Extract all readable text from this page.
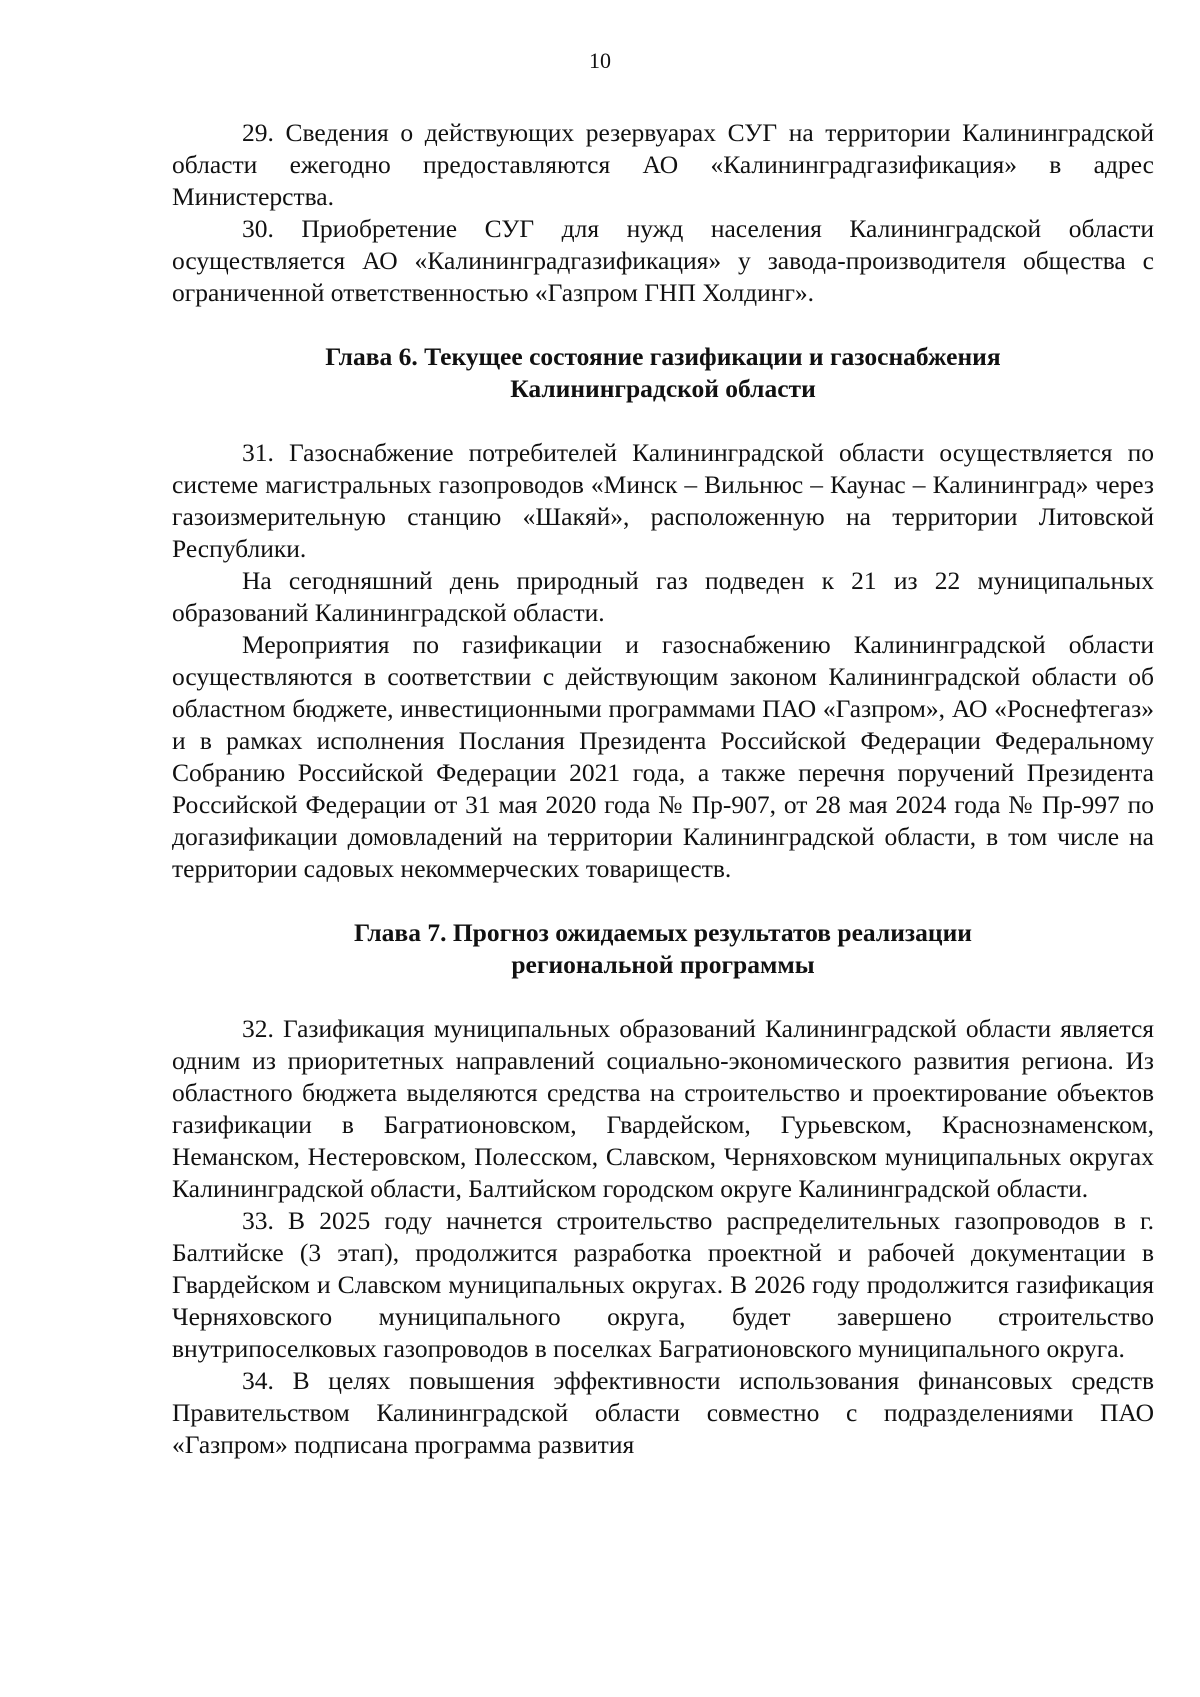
10

29. Сведения о действующих резервуарах СУГ на территории Калининградской области ежегодно предоставляются АО «Калининградгазификация» в адрес Министерства.

30. Приобретение СУГ для нужд населения Калининградской области осуществляется АО «Калининградгазификация» у завода-производителя общества с ограниченной ответственностью «Газпром ГНП Холдинг».

Глава 6. Текущее состояние газификации и газоснабжения
Калининградской области

31. Газоснабжение потребителей Калининградской области осуществляется по системе магистральных газопроводов «Минск – Вильнюс – Каунас – Калининград» через газоизмерительную станцию «Шакяй», расположенную на территории Литовской Республики.

На сегодняшний день природный газ подведен к 21 из 22 муниципальных образований Калининградской области.

Мероприятия по газификации и газоснабжению Калининградской области осуществляются в соответствии с действующим законом Калининградской области об областном бюджете, инвестиционными программами ПАО «Газпром», АО «Роснефтегаз» и в рамках исполнения Послания Президента Российской Федерации Федеральному Собранию Российской Федерации 2021 года, а также перечня поручений Президента Российской Федерации от 31 мая 2020 года № Пр-907, от 28 мая 2024 года № Пр-997 по догазификации домовладений на территории Калининградской области, в том числе на территории садовых некоммерческих товариществ.

Глава 7. Прогноз ожидаемых результатов реализации
региональной программы

32. Газификация муниципальных образований Калининградской области является одним из приоритетных направлений социально-экономического развития региона. Из областного бюджета выделяются средства на строительство и проектирование объектов газификации в Багратионовском, Гвардейском, Гурьевском, Краснознаменском, Неманском, Нестеровском, Полесском, Славском, Черняховском муниципальных округах Калининградской области, Балтийском городском округе Калининградской области.

33. В 2025 году начнется строительство распределительных газопроводов в г. Балтийске (3 этап), продолжится разработка проектной и рабочей документации в Гвардейском и Славском муниципальных округах. В 2026 году продолжится газификация Черняховского муниципального округа, будет завершено строительство внутрипоселковых газопроводов в поселках Багратионовского муниципального округа.

34. В целях повышения эффективности использования финансовых средств Правительством Калининградской области совместно с подразделениями ПАО «Газпром» подписана программа развития
